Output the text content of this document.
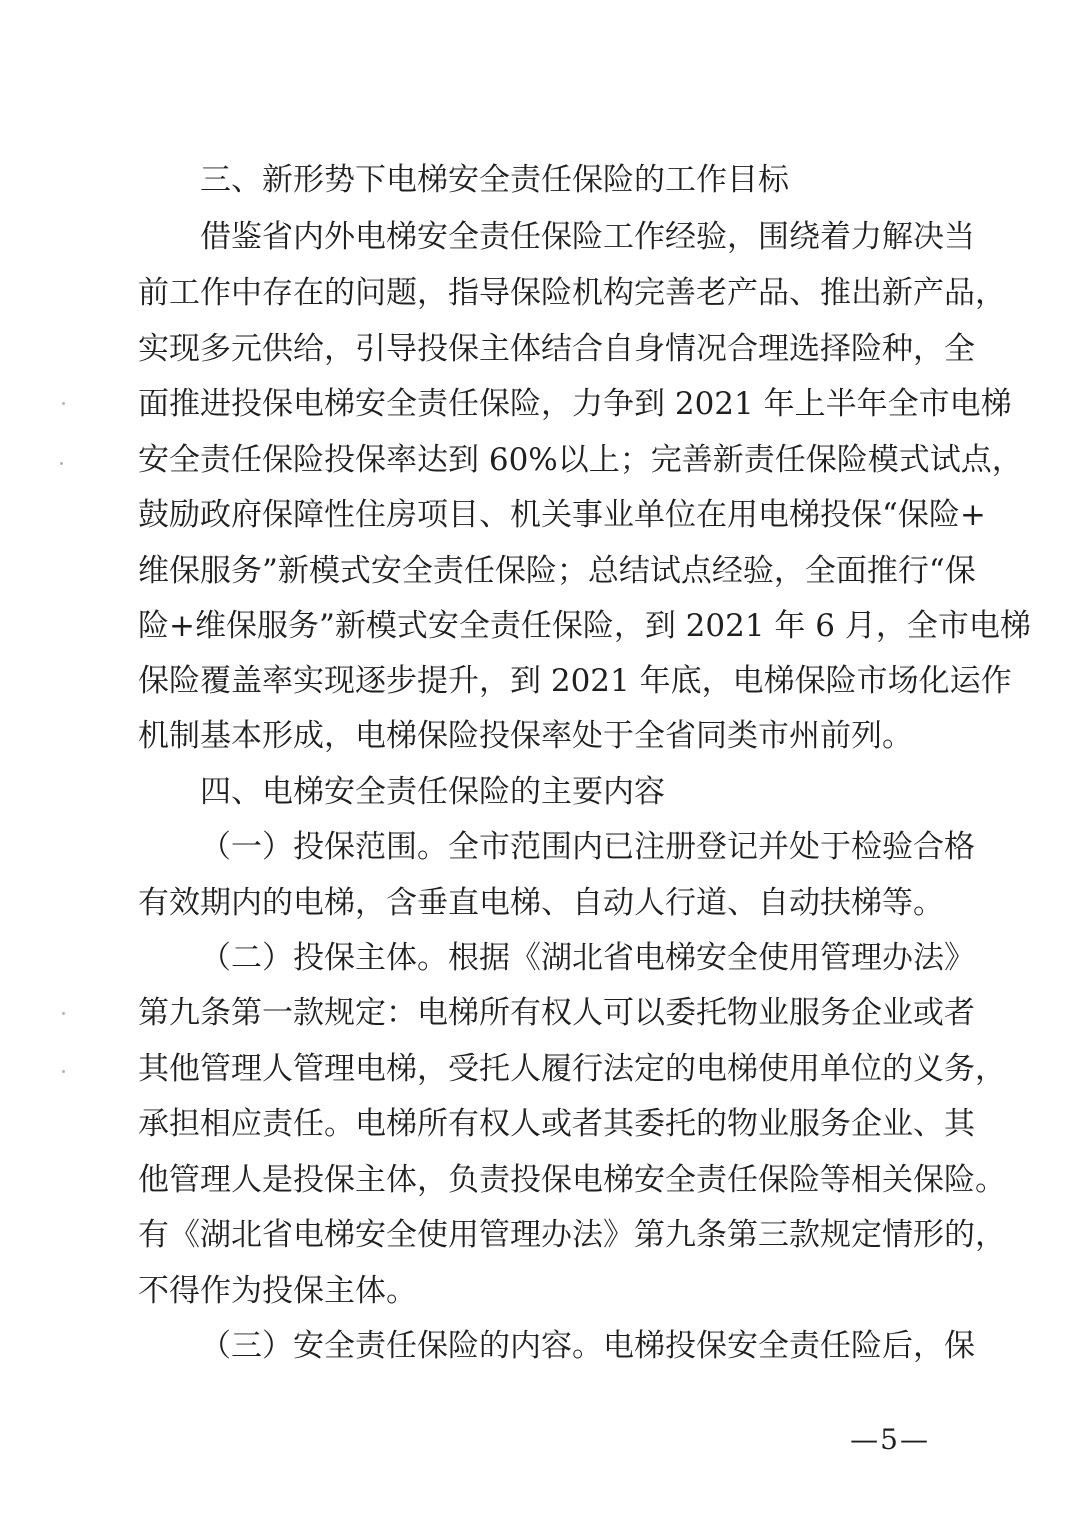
三、新形势下电梯安全责任保险的工作目标
借鉴省内外电梯安全责任保险工作经验，围绕着力解决当
前工作中存在的问题，指导保险机构完善老产品、推出新产品，
实现多元供给，引导投保主体结合自身情况合理选择险种，全
面推进投保电梯安全责任保险，力争到 2021 年上半年全市电梯
安全责任保险投保率达到 60%以上；完善新责任保险模式试点，
鼓励政府保障性住房项目、机关事业单位在用电梯投保“保险+
维保服务”新模式安全责任保险；总结试点经验，全面推行“保
险+维保服务”新模式安全责任保险，到 2021 年 6 月，全市电梯
保险覆盖率实现逐步提升，到 2021 年底，电梯保险市场化运作
机制基本形成，电梯保险投保率处于全省同类市州前列。
四、电梯安全责任保险的主要内容
（一）投保范围。全市范围内已注册登记并处于检验合格
有效期内的电梯，含垂直电梯、自动人行道、自动扶梯等。
（二）投保主体。根据《湖北省电梯安全使用管理办法》
第九条第一款规定：电梯所有权人可以委托物业服务企业或者
其他管理人管理电梯，受托人履行法定的电梯使用单位的义务，
承担相应责任。电梯所有权人或者其委托的物业服务企业、其
他管理人是投保主体，负责投保电梯安全责任保险等相关保险。
有《湖北省电梯安全使用管理办法》第九条第三款规定情形的，
不得作为投保主体。
（三）安全责任保险的内容。电梯投保安全责任险后，保
—5—
